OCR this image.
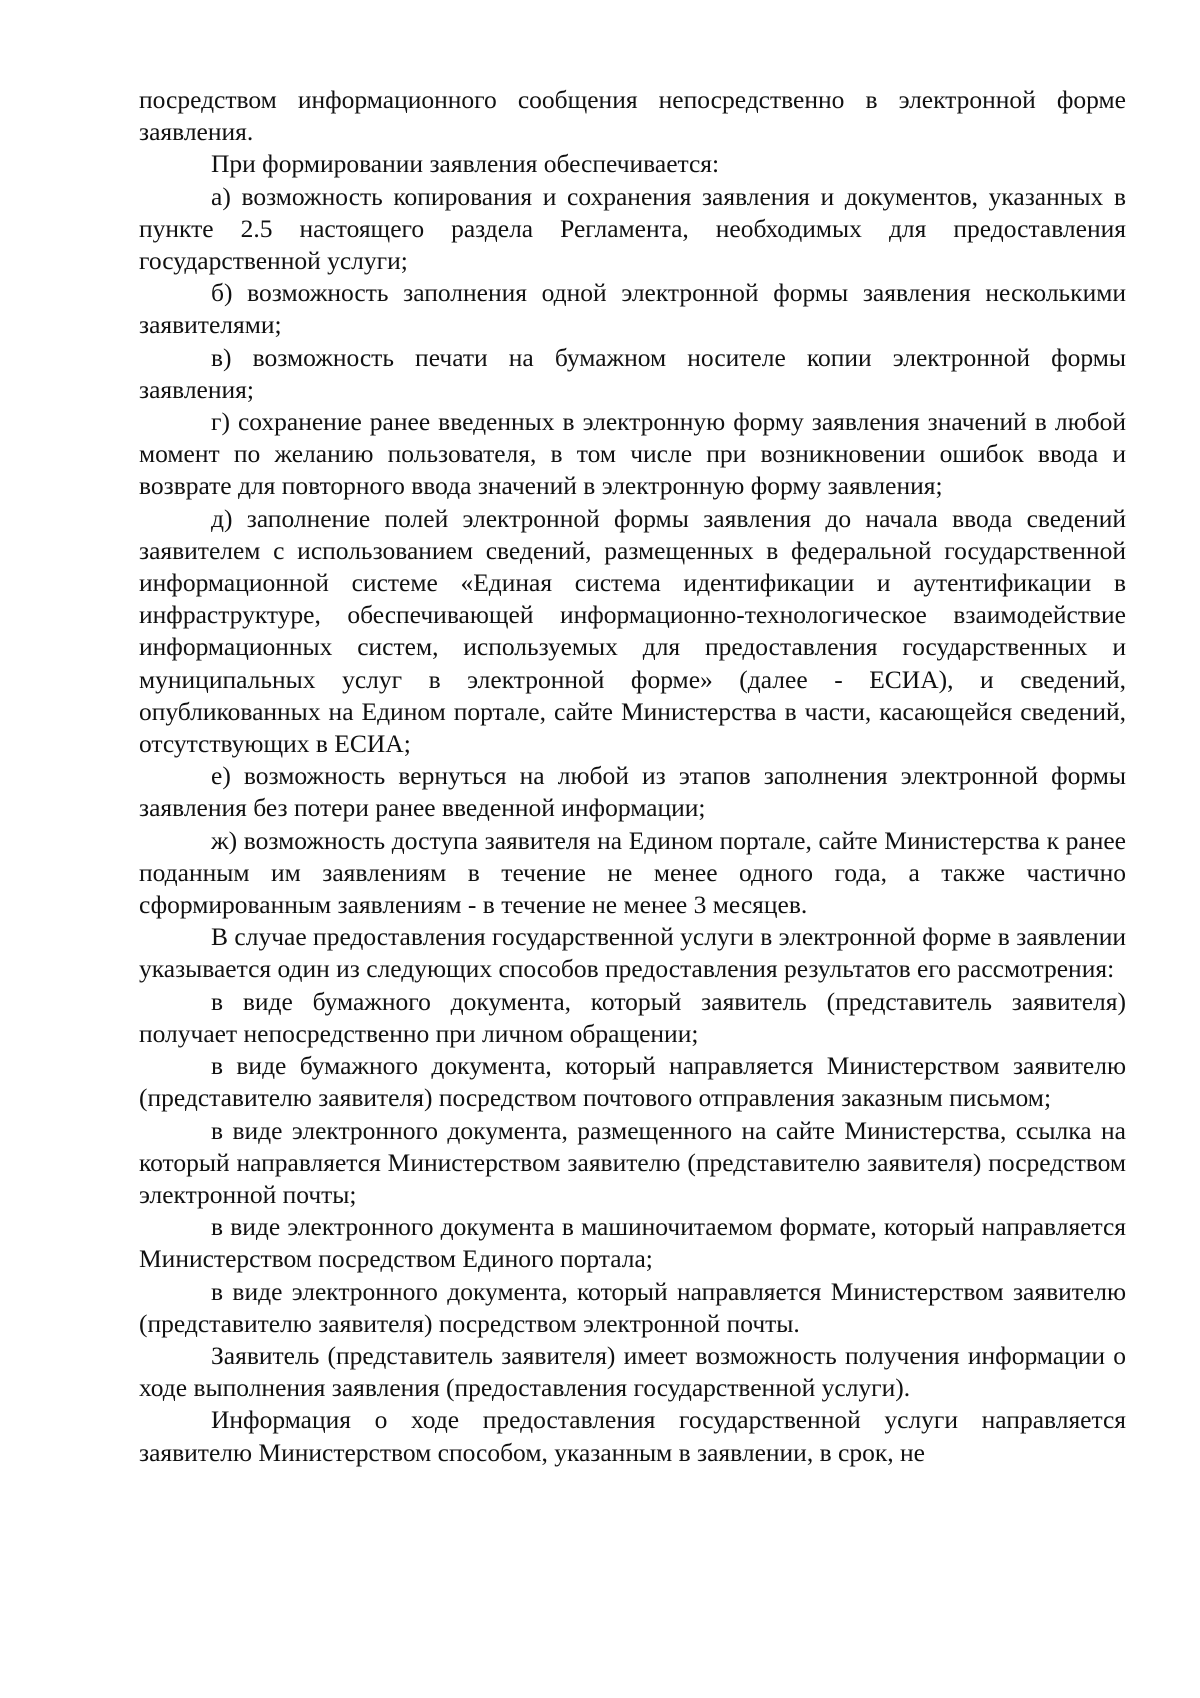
посредством информационного сообщения непосредственно в электронной форме заявления.

При формировании заявления обеспечивается:

а) возможность копирования и сохранения заявления и документов, указанных в пункте 2.5 настоящего раздела Регламента, необходимых для предоставления государственной услуги;

б) возможность заполнения одной электронной формы заявления несколькими заявителями;

в) возможность печати на бумажном носителе копии электронной формы заявления;

г) сохранение ранее введенных в электронную форму заявления значений в любой момент по желанию пользователя, в том числе при возникновении ошибок ввода и возврате для повторного ввода значений в электронную форму заявления;

д) заполнение полей электронной формы заявления до начала ввода сведений заявителем с использованием сведений, размещенных в федеральной государственной информационной системе «Единая система идентификации и аутентификации в инфраструктуре, обеспечивающей информационно-технологическое взаимодействие информационных систем, используемых для предоставления государственных и муниципальных услуг в электронной форме» (далее - ЕСИА), и сведений, опубликованных на Едином портале, сайте Министерства в части, касающейся сведений, отсутствующих в ЕСИА;

е) возможность вернуться на любой из этапов заполнения электронной формы заявления без потери ранее введенной информации;

ж) возможность доступа заявителя на Едином портале, сайте Министерства к ранее поданным им заявлениям в течение не менее одного года, а также частично сформированным заявлениям - в течение не менее 3 месяцев.

В случае предоставления государственной услуги в электронной форме в заявлении указывается один из следующих способов предоставления результатов его рассмотрения:

в виде бумажного документа, который заявитель (представитель заявителя) получает непосредственно при личном обращении;

в виде бумажного документа, который направляется Министерством заявителю (представителю заявителя) посредством почтового отправления заказным письмом;

в виде электронного документа, размещенного на сайте Министерства, ссылка на который направляется Министерством заявителю (представителю заявителя) посредством электронной почты;

в виде электронного документа в машиночитаемом формате, который направляется Министерством посредством Единого портала;

в виде электронного документа, который направляется Министерством заявителю (представителю заявителя) посредством электронной почты.

Заявитель (представитель заявителя) имеет возможность получения информации о ходе выполнения заявления (предоставления государственной услуги).

Информация о ходе предоставления государственной услуги направляется заявителю Министерством способом, указанным в заявлении, в срок, не
